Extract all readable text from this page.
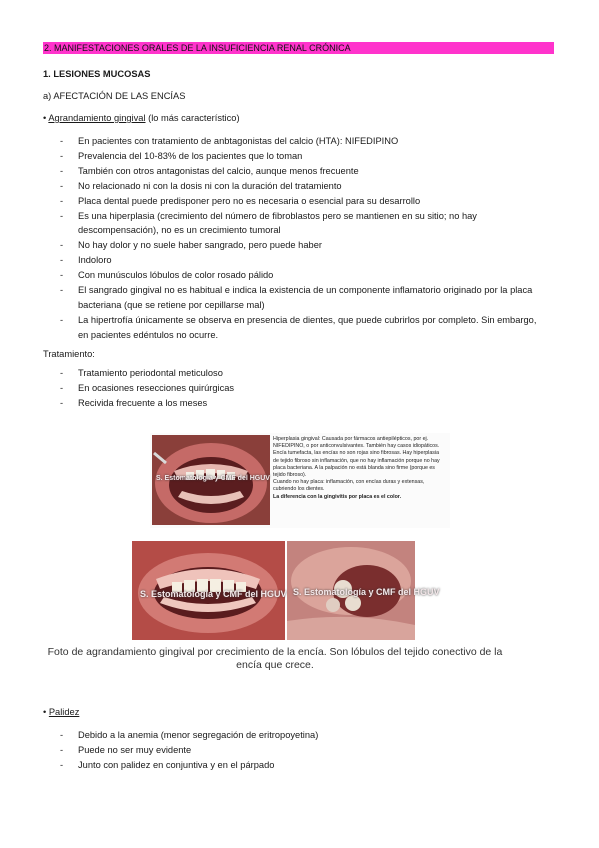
2. MANIFESTACIONES ORALES DE LA INSUFICIENCIA RENAL CRÓNICA
1. LESIONES MUCOSAS
a) AFECTACIÓN DE LAS ENCÍAS
• Agrandamiento gingival (lo más característico)
- En pacientes con tratamiento de anbtagonistas del calcio (HTA): NIFEDIPINO
- Prevalencia del 10-83% de los pacientes que lo toman
- También con otros antagonistas del calcio, aunque menos frecuente
- No relacionado ni con la dosis ni con la duración del tratamiento
- Placa dental puede predisponer pero no es necesaria o esencial para su desarrollo
- Es una hiperplasia (crecimiento del número de fibroblastos pero se mantienen en su sitio; no hay descompensación), no es un crecimiento tumoral
- No hay dolor y no suele haber sangrado, pero puede haber
- Indoloro
- Con munúsculos lóbulos de color rosado pálido
- El sangrado gingival no es habitual e indica la existencia de un componente inflamatorio originado por la placa bacteriana (que se retiene por cepillarse mal)
- La hipertrofía únicamente se observa en presencia de dientes, que puede cubrirlos por completo. Sin embargo, en pacientes edéntulos no ocurre.
Tratamiento:
- Tratamiento periodontal meticuloso
- En ocasiones resecciones quirúrgicas
- Recivida frecuente a los meses
S. Estomatología y CMF del HGUV

Hiperplasia gingival: Causada por fármacos antiepilépticos, por ej. NIFEDIPINO, o por anticonvulsivantes. También hay casos idiopáticos.

Encía tumefacta, las encías no son rojas sino fibrosas. Hay hiperplasia de tejido fibroso sin inflamación, que no hay inflamación porque no hay placa bacteriana. A la palpación no está blanda sino firme (porque es tejido fibroso).

Cuando no hay placa: inflamación, con encías duras y extensas, cubriendo los dientes.

La diferencia con la gingivitis por placa es el color.

S. Estomatología y CMF del HGUV S. Estomatología y CMF del HGUV
Foto de agrandamiento gingival por crecimiento de la encía. Son lóbulos del tejido conectivo de la encía que crece.
• Palidez
- Debido a la anemia (menor segregación de eritropoyetina)
- Puede no ser muy evidente
- Junto con palidez en conjuntiva y en el párpado
